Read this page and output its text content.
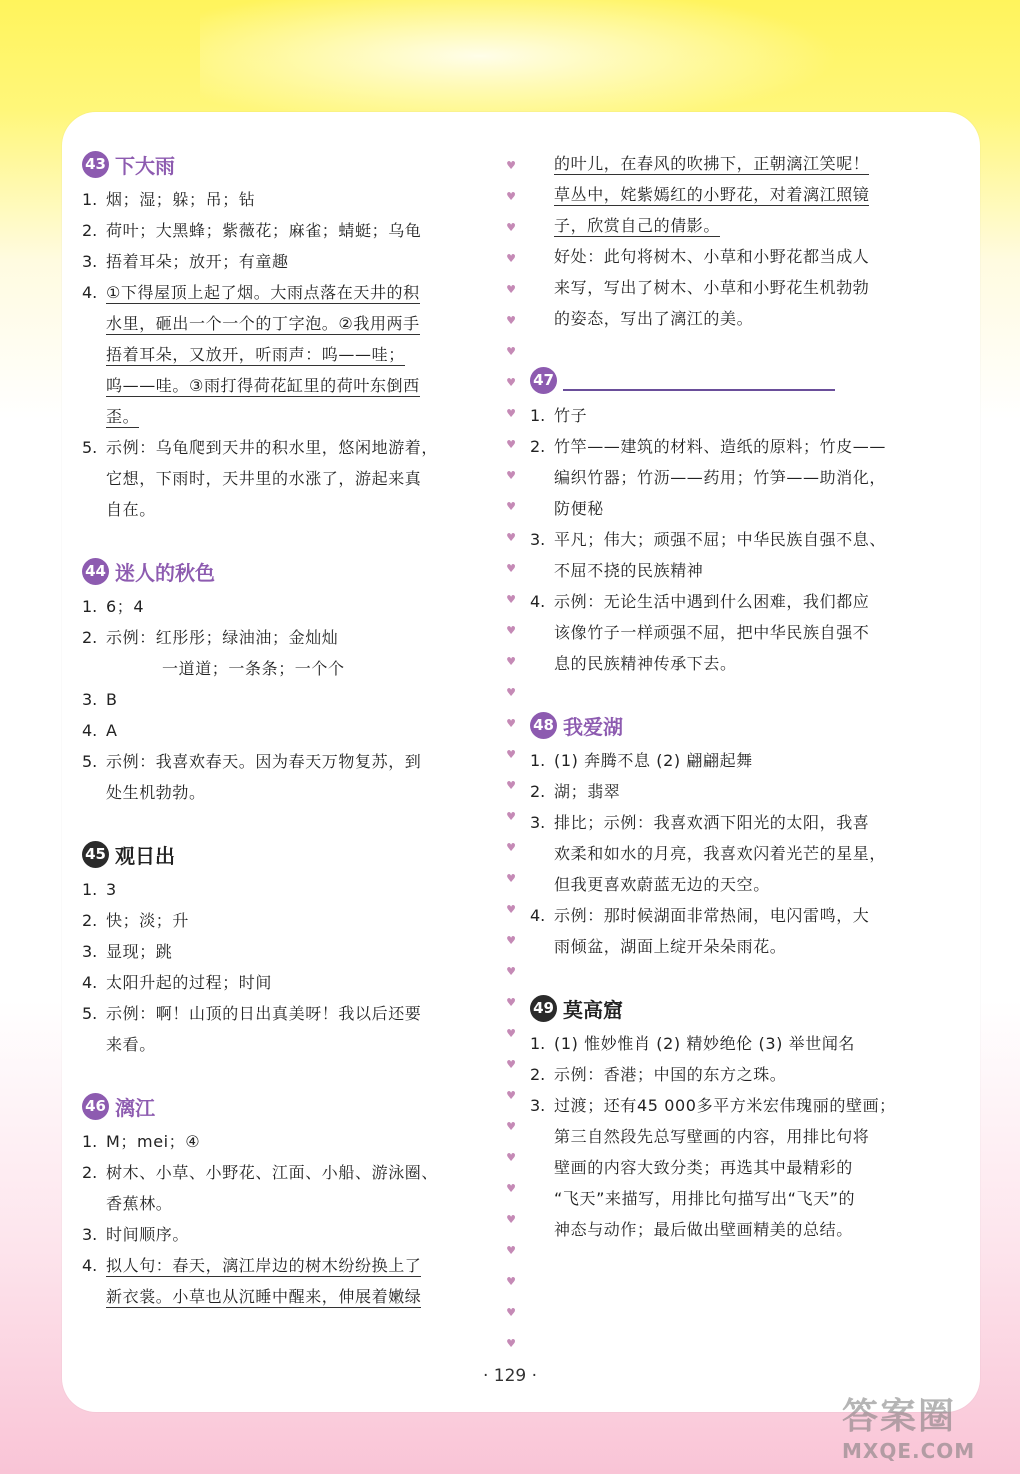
♥
♥
♥
♥
♥
♥
♥
♥
♥
♥
♥
♥
♥
♥
♥
♥
♥
♥
♥
♥
♥
♥
♥
♥
♥
♥
♥
♥
♥
♥
♥
♥
♥
♥
♥
♥
♥
♥
♥
43 下大雨
1. 烟；湿；躲；吊；钻
2. 荷叶；大黑蜂；紫薇花；麻雀；蜻蜓；乌龟
3. 捂着耳朵；放开；有童趣
4. ①下得屋顶上起了烟。大雨点落在天井的积
水里，砸出一个一个的丁字泡。②我用两手
捂着耳朵，又放开，听雨声：呜——哇；
呜——哇。③雨打得荷花缸里的荷叶东倒西
歪。
5. 示例：乌龟爬到天井的积水里，悠闲地游着，
它想，下雨时，天井里的水涨了，游起来真
自在。
44 迷人的秋色
1. 6；4
2. 示例：红彤彤；绿油油；金灿灿
一道道；一条条；一个个
3. B
4. A
5. 示例：我喜欢春天。因为春天万物复苏，到
处生机勃勃。
45 观日出
1. 3
2. 快；淡；升
3. 显现；跳
4. 太阳升起的过程；时间
5. 示例：啊！山顶的日出真美呀！我以后还要
来看。
46 漓江
1. M；mei；④
2. 树木、小草、小野花、江面、小船、游泳圈、
香蕉林。
3. 时间顺序。
4. 拟人句：春天，漓江岸边的树木纷纷换上了
新衣裳。小草也从沉睡中醒来，伸展着嫩绿
的叶儿，在春风的吹拂下，正朝漓江笑呢！
草丛中，姹紫嫣红的小野花，对着漓江照镜
子，欣赏自己的倩影。
好处：此句将树木、小草和小野花都当成人
来写，写出了树木、小草和小野花生机勃勃
的姿态，写出了漓江的美。
47
1. 竹子
2. 竹竿——建筑的材料、造纸的原料；竹皮——
编织竹器；竹沥——药用；竹笋——助消化，
防便秘
3. 平凡；伟大；顽强不屈；中华民族自强不息、
不屈不挠的民族精神
4. 示例：无论生活中遇到什么困难，我们都应
该像竹子一样顽强不屈，把中华民族自强不
息的民族精神传承下去。
48 我爱湖
1. (1) 奔腾不息 (2) 翩翩起舞
2. 湖；翡翠
3. 排比；示例：我喜欢洒下阳光的太阳，我喜
欢柔和如水的月亮，我喜欢闪着光芒的星星，
但我更喜欢蔚蓝无边的天空。
4. 示例：那时候湖面非常热闹，电闪雷鸣，大
雨倾盆，湖面上绽开朵朵雨花。
49 莫高窟
1. (1) 惟妙惟肖 (2) 精妙绝伦 (3) 举世闻名
2. 示例：香港；中国的东方之珠。
3. 过渡；还有45 000多平方米宏伟瑰丽的壁画；
第三自然段先总写壁画的内容，用排比句将
壁画的内容大致分类；再选其中最精彩的
“飞天”来描写，用排比句描写出“飞天”的
神态与动作；最后做出壁画精美的总结。
· 129 ·
答案圈
MXQE.COM
